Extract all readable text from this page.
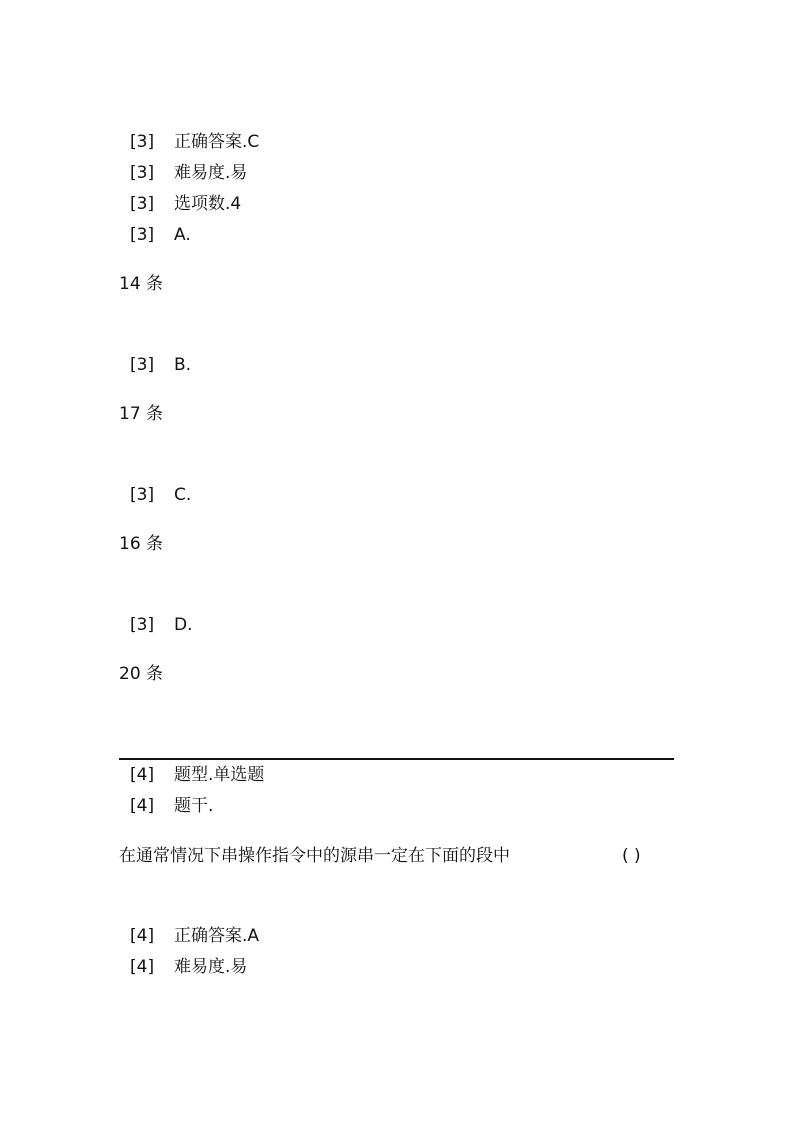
[3] 正确答案.C
[3] 难易度.易
[3] 选项数.4
[3] A.
14 条
[3] B.
17 条
[3] C.
16 条
[3] D.
20 条
[4] 题型.单选题
[4] 题干.
在通常情况下串操作指令中的源串一定在下面的段中	( )
[4] 正确答案.A
[4] 难易度.易
